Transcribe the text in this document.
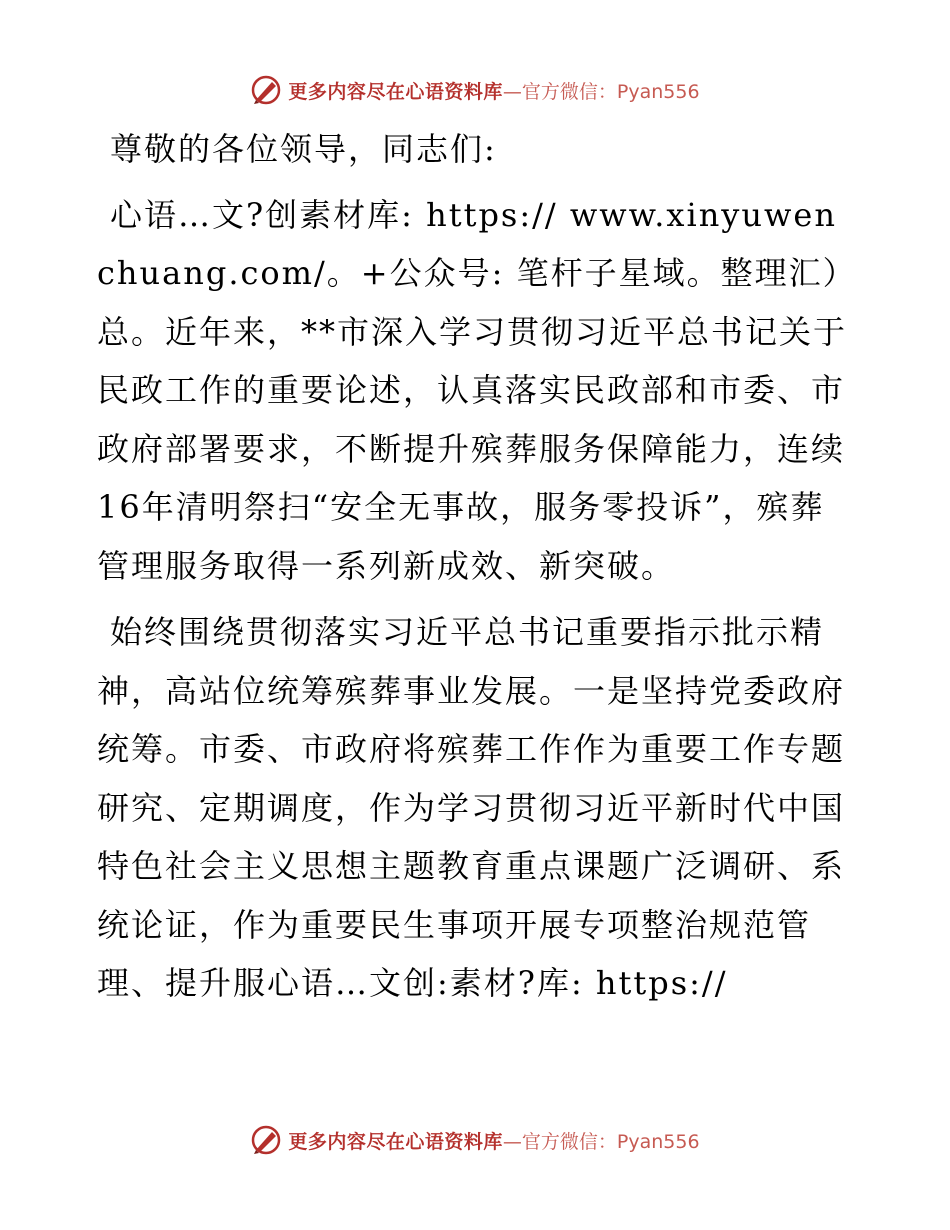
更多内容尽在心语资料库 —官方微信：Pyan556

尊敬的各位领导，同志们:

心语…文?创素材库: https:// www.xinyuwenchuang.com/。+公众号: 笔杆子星域。整理汇）总。近年来，**市深入学习贯彻习近平总书记关于民政工作的重要论述，认真落实民政部和市委、市政府部署要求，不断提升殡葬服务保障能力，连续16年清明祭扫“安全无事故，服务零投诉”，殡葬管理服务取得一系列新成效、新突破。

始终围绕贯彻落实习近平总书记重要指示批示精神，高站位统筹殡葬事业发展。一是坚持党委政府统筹。市委、市政府将殡葬工作作为重要工作专题研究、定期调度，作为学习贯彻习近平新时代中国特色社会主义思想主题教育重点课题广泛调研、系统论证，作为重要民生事项开展专项整治规范管理、提升服心语…文创:素材?库: https://

更多内容尽在心语资料库 —官方微信：Pyan556
